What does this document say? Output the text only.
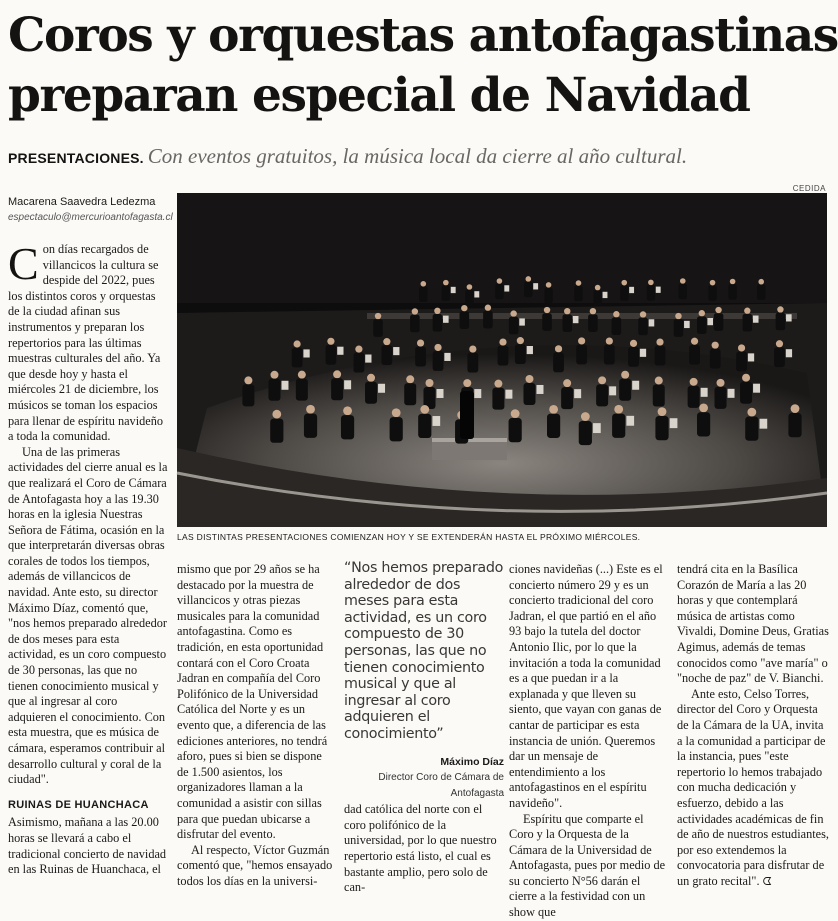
Coros y orquestas antofagastinas
preparan especial de Navidad
PRESENTACIONES. Con eventos gratuitos, la música local da cierre al año cultural.
Macarena Saavedra Ledezma
espectaculo@mercurioantofagasta.cl
CEDIDA
LAS DISTINTAS PRESENTACIONES COMIENZAN HOY Y SE EXTENDERÁN HASTA EL PRÓXIMO MIÉRCOLES.

Con días recargados de villancicos la cultura se despide del 2022, pues los distintos coros y orquestas de la ciudad afinan sus instrumentos y preparan los repertorios para las últimas muestras culturales del año. Ya que desde hoy y hasta el miércoles 21 de diciembre, los músicos se toman los espacios para llenar de espíritu navideño a toda la comunidad.

Una de las primeras actividades del cierre anual es la que realizará el Coro de Cámara de Antofagasta hoy a las 19.30 horas en la iglesia Nuestras Señora de Fátima, ocasión en la que interpretarán diversas obras corales de todos los tiempos, además de villancicos de navidad. Ante esto, su director Máximo Díaz, comentó que, "nos hemos preparado alrededor de dos meses para esta actividad, es un coro compuesto de 30 personas, las que no tienen conocimiento musical y que al ingresar al coro adquieren el conocimiento. Con esta muestra, que es música de cámara, esperamos contribuir al desarrollo cultural y coral de la ciudad".

RUINAS DE HUANCHACA

Asimismo, mañana a las 20.00 horas se llevará a cabo el tradicional concierto de navidad en las Ruinas de Huanchaca, el

mismo que por 29 años se ha destacado por la muestra de villancicos y otras piezas musicales para la comunidad antofagastina. Como es tradición, en esta oportunidad contará con el Coro Croata Jadran en compañía del Coro Polifónico de la Universidad Católica del Norte y es un evento que, a diferencia de las ediciones anteriores, no tendrá aforo, pues si bien se dispone de 1.500 asientos, los organizadores llaman a la comunidad a asistir con sillas para que puedan ubicarse a disfrutar del evento.

Al respecto, Víctor Guzmán comentó que, "hemos ensayado todos los días en la universi-

“Nos hemos preparado alrededor de dos meses para esta actividad, es un coro compuesto de 30 personas, las que no tienen conocimiento musical y que al ingresar al coro adquieren el conocimiento”
Máximo Díaz
Director Coro de Cámara de
Antofagasta

dad católica del norte con el coro polifónico de la universidad, por lo que nuestro repertorio está listo, el cual es bastante amplio, pero solo de can-

ciones navideñas (...) Este es el concierto número 29 y es un concierto tradicional del coro Jadran, el que partió en el año 93 bajo la tutela del doctor Antonio Ilic, por lo que la invitación a toda la comunidad es a que puedan ir a la explanada y que lleven su siento, que vayan con ganas de cantar de participar es esta instancia de unión. Queremos dar un mensaje de entendimiento a los antofagastinos en el espíritu navideño".

Espíritu que comparte el Coro y la Orquesta de la Cámara de la Universidad de Antofagasta, pues por medio de su concierto N°56 darán el cierre a la festividad con un show que

tendrá cita en la Basílica Corazón de María a las 20 horas y que contemplará música de artistas como Vivaldi, Domine Deus, Gratias Agimus, además de temas conocidos como "ave maría" o "noche de paz" de V. Bianchi.

Ante esto, Celso Torres, director del Coro y Orquesta de la Cámara de la UA, invita a la comunidad a participar de la instancia, pues "este repertorio lo hemos trabajado con mucha dedicación y esfuerzo, debido a las actividades académicas de fin de año de nuestros estudiantes, por eso extendemos la convocatoria para disfrutar de un grato recital". ᗧ
